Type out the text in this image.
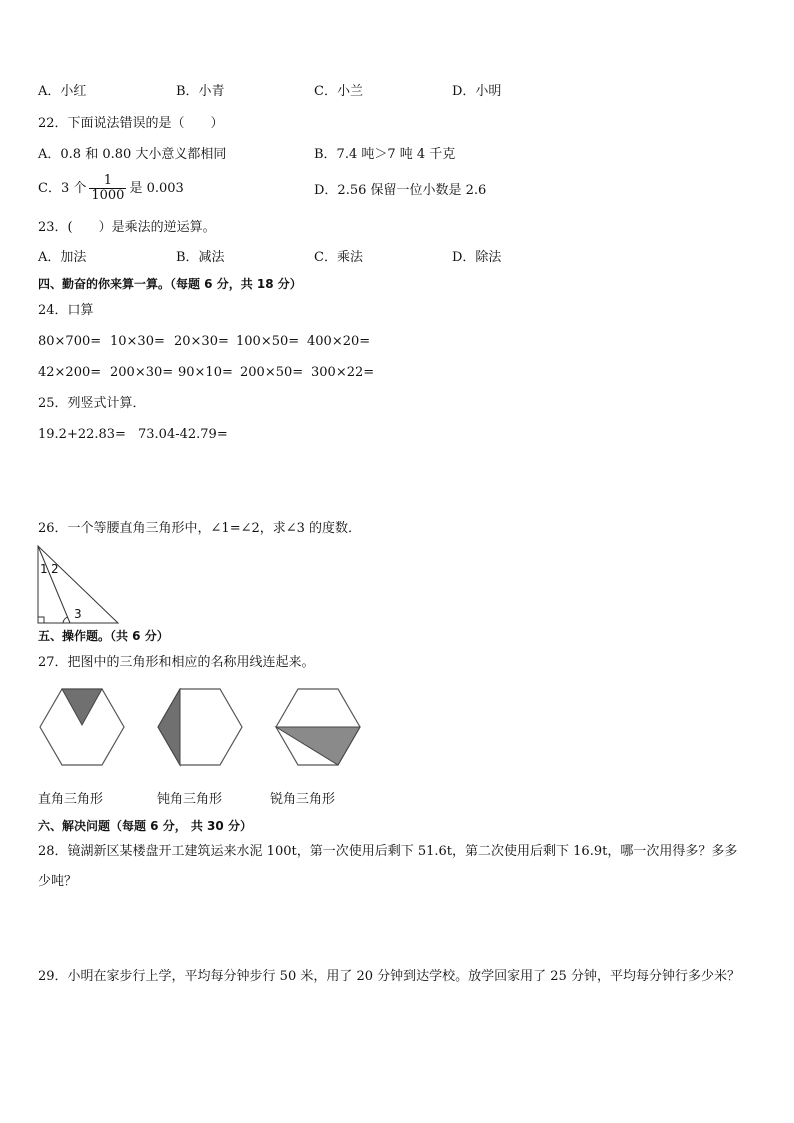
A．小红	B．小青	C．小兰	D．小明
22．下面说法错误的是（　　）
A．0.8 和 0.80 大小意义都相同	B．7.4 吨＞7 吨 4 千克
C．3 个 $\frac{1}{1000}$ 是 0.003	D．2.56 保留一位小数是 2.6
23．(　　）是乘法的逆运算。
A．加法	B．减法	C．乘法	D．除法
四、勤奋的你来算一算。（每题 6 分，共 18 分）
24．口算
80×700= 10×30= 20×30= 100×50= 400×20=
42×200= 200×30= 90×10= 200×50= 300×22=
25．列竖式计算．
19.2+22.83= 73.04-42.79=
26．一个等腰直角三角形中，∠1=∠2，求∠3 的度数．
1 2
3
五、操作题。（共 6 分）
27．把图中的三角形和相应的名称用线连起来。
直角三角形	钝角三角形	锐角三角形
六、解决问题（每题 6 分， 共 30 分）
28．镜湖新区某楼盘开工建筑运来水泥 100t，第一次使用后剩下 51.6t，第二次使用后剩下 16.9t，哪一次用得多？多多
少吨？
29．小明在家步行上学，平均每分钟步行 50 米，用了 20 分钟到达学校。放学回家用了 25 分钟，平均每分钟行多少米？
